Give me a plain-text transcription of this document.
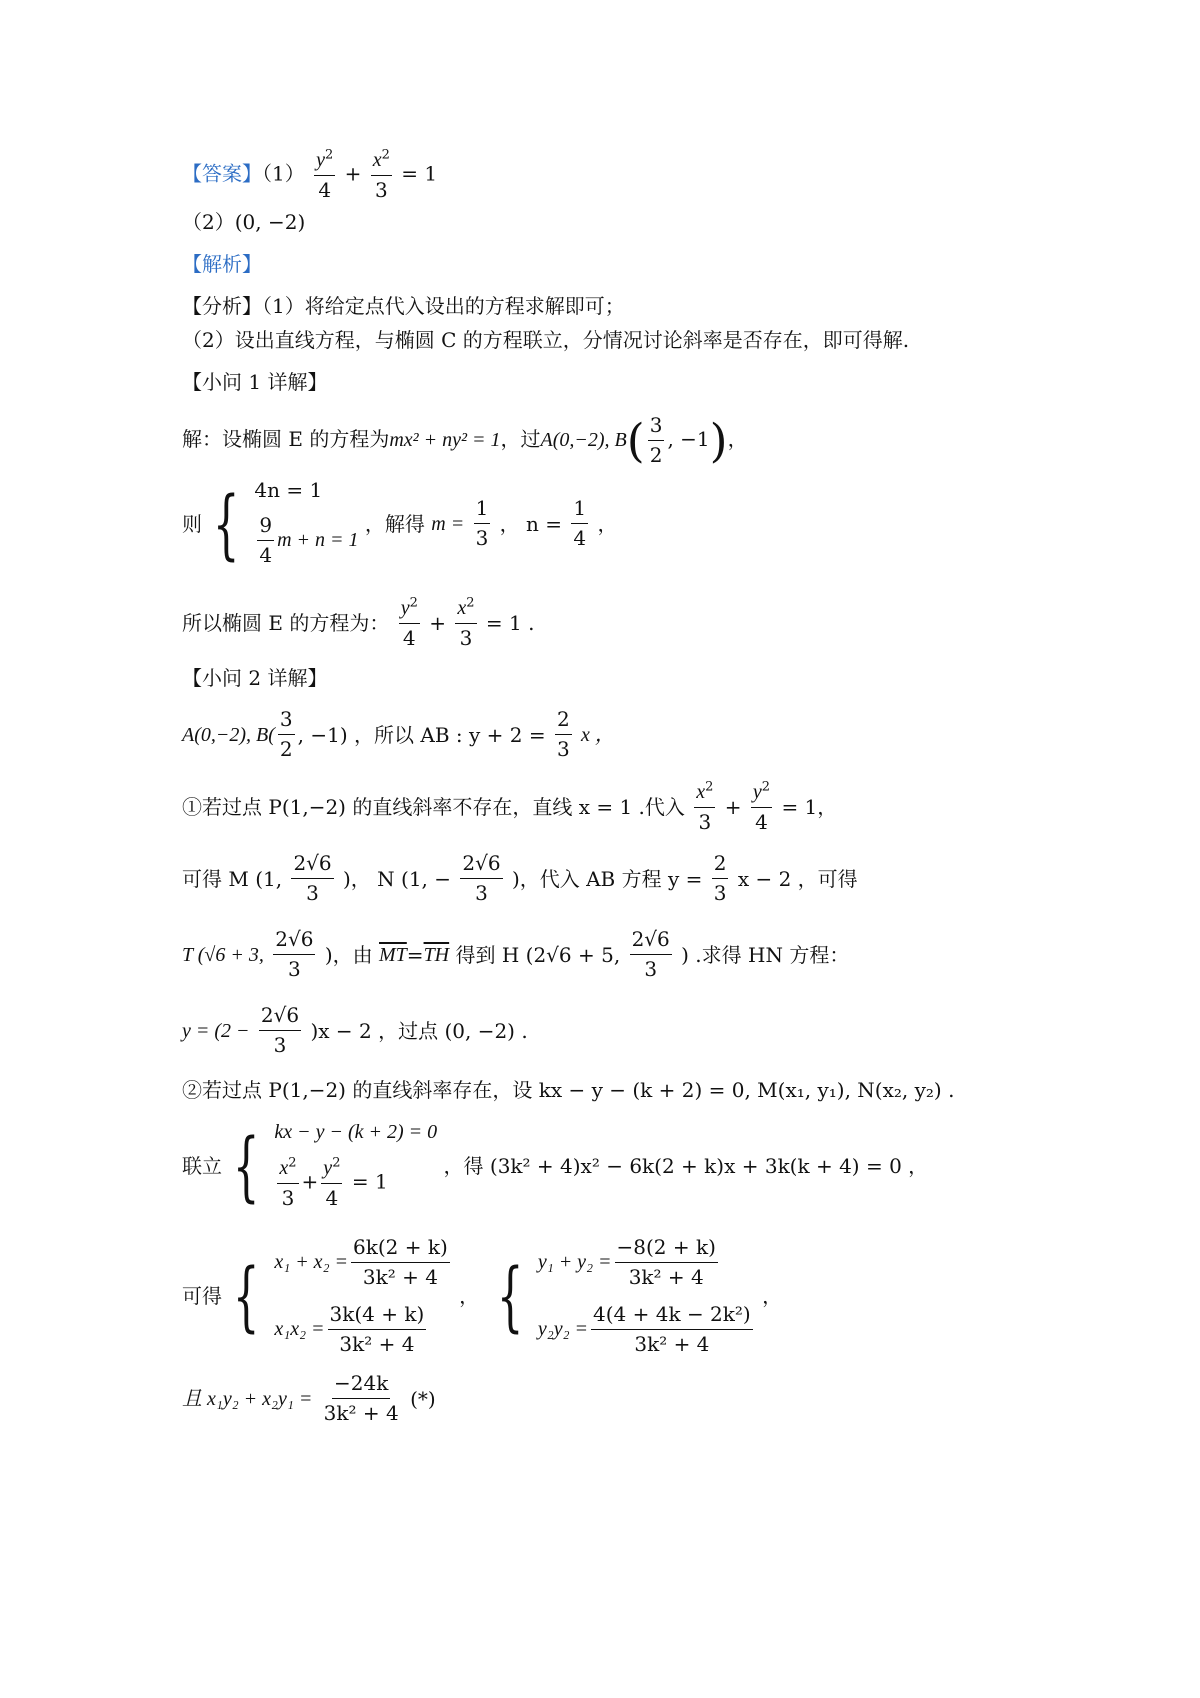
【答案】$(1) \frac{y^2}{4} + \frac{x^2}{3} = 1$
（2）(0, −2)
【解析】
【分析】（1）将给定点代入设出的方程求解即可；
（2）设出直线方程，与椭圆 C 的方程联立，分情况讨论斜率是否存在，即可得解.
【小问 1 详解】
解：设椭圆 E 的方程为mx² + ny² = 1，过A(0,−2), $B( \frac{3}{2}$ , −1)，
则 { 4n = 1
$\frac{9}{4}$ m + n = 1
，解得 $m = \frac{1}{3}$ ， $n = \frac{1}{4}$ ，
所以椭圆 E 的方程为： $\frac{y^2}{4} + \frac{x^2}{3} = 1$ .
【小问 2 详解】
A(0,−2), $B( \frac{3}{2}$ , −1) ，所以 AB : $y + 2 = \frac{2}{3}$ x ，
①若过点 P(1,−2) 的直线斜率不存在，直线 x = 1 .代入 $\frac{x^2}{3} + \frac{y^2}{4} = 1$，
可得 M (1, $\frac{2√6}{3}$ )， N (1, − $\frac{2√6}{3}$ )，代入 AB 方程 $y = \frac{2}{3}$ x − 2 ，可得
T (√6 + 3, $\frac{2√6}{3}$ )，由 $\overline{MT}=\overline{TH}$ 得到 H (2√6 + 5, $\frac{2√6}{3}$ ) .求得 HN 方程：
$y = (2 - \frac{2√6}{3} )x - 2$ ，过点 (0, −2) .
②若过点 P(1,−2) 的直线斜率存在，设 kx − y − (k + 2) = 0, M(x₁, y₁), N(x₂, y₂) .
联立 { kx − y − (k + 2) = 0
$\frac{x^2}{3} + \frac{y^2}{4} = 1$
，得 (3k² + 4)x² − 6k(2 + k)x + 3k(k + 4) = 0 ，
可得 { $x_1 + x_2 = \frac{6k(2 + k)}{\text{3k² + 4}}$
$x_1x_2 = \frac{3k(4 + k)}{\text{3k² + 4}}$
， { $y_1 + y_2 = \frac{-8(2 + k)}{\text{3k² + 4}}$
$y_2y_2 = \frac{\text{4(4 + 4k − 2k²)}}{\text{3k² + 4}}$
，
且 $x_1y_2 + x_2y_1 = \frac{-24k}{\text{3k² + 4}}$ (*)
